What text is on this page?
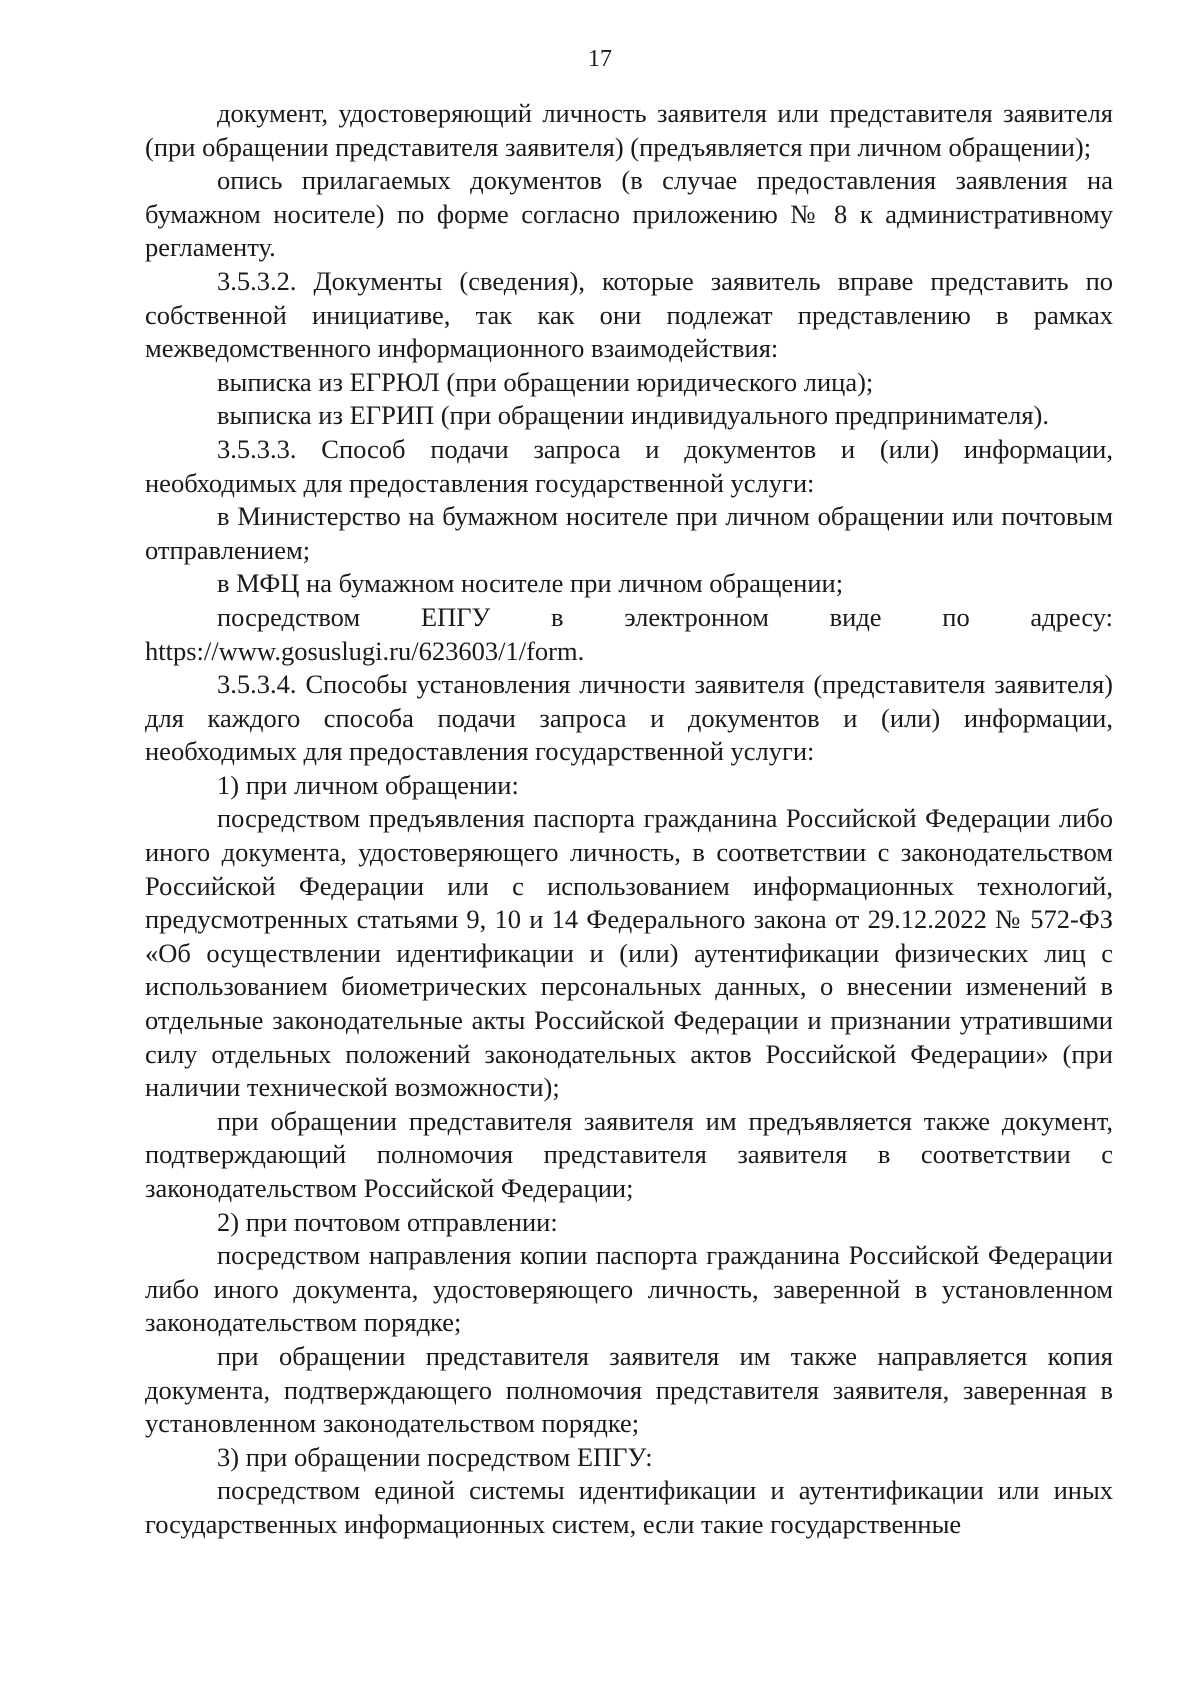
17

документ, удостоверяющий личность заявителя или представителя заявителя (при обращении представителя заявителя) (предъявляется при личном обращении);

опись прилагаемых документов (в случае предоставления заявления на бумажном носителе) по форме согласно приложению № 8 к административному регламенту.

3.5.3.2. Документы (сведения), которые заявитель вправе представить по собственной инициативе, так как они подлежат представлению в рамках межведомственного информационного взаимодействия:

выписка из ЕГРЮЛ (при обращении юридического лица);

выписка из ЕГРИП (при обращении индивидуального предпринимателя).

3.5.3.3. Способ подачи запроса и документов и (или) информации, необходимых для предоставления государственной услуги:

в Министерство на бумажном носителе при личном обращении или почтовым отправлением;

в МФЦ на бумажном носителе при личном обращении;

посредством ЕПГУ в электронном виде по адресу: https://www.gosuslugi.ru/623603/1/form.

3.5.3.4. Способы установления личности заявителя (представителя заявителя) для каждого способа подачи запроса и документов и (или) информации, необходимых для предоставления государственной услуги:

1) при личном обращении:

посредством предъявления паспорта гражданина Российской Федерации либо иного документа, удостоверяющего личность, в соответствии с законодательством Российской Федерации или с использованием информационных технологий, предусмотренных статьями 9, 10 и 14 Федерального закона от 29.12.2022 № 572-ФЗ «Об осуществлении идентификации и (или) аутентификации физических лиц с использованием биометрических персональных данных, о внесении изменений в отдельные законодательные акты Российской Федерации и признании утратившими силу отдельных положений законодательных актов Российской Федерации» (при наличии технической возможности);

при обращении представителя заявителя им предъявляется также документ, подтверждающий полномочия представителя заявителя в соответствии с законодательством Российской Федерации;

2) при почтовом отправлении:

посредством направления копии паспорта гражданина Российской Федерации либо иного документа, удостоверяющего личность, заверенной в установленном законодательством порядке;

при обращении представителя заявителя им также направляется копия документа, подтверждающего полномочия представителя заявителя, заверенная в установленном законодательством порядке;

3) при обращении посредством ЕПГУ:

посредством единой системы идентификации и аутентификации или иных государственных информационных систем, если такие государственные
